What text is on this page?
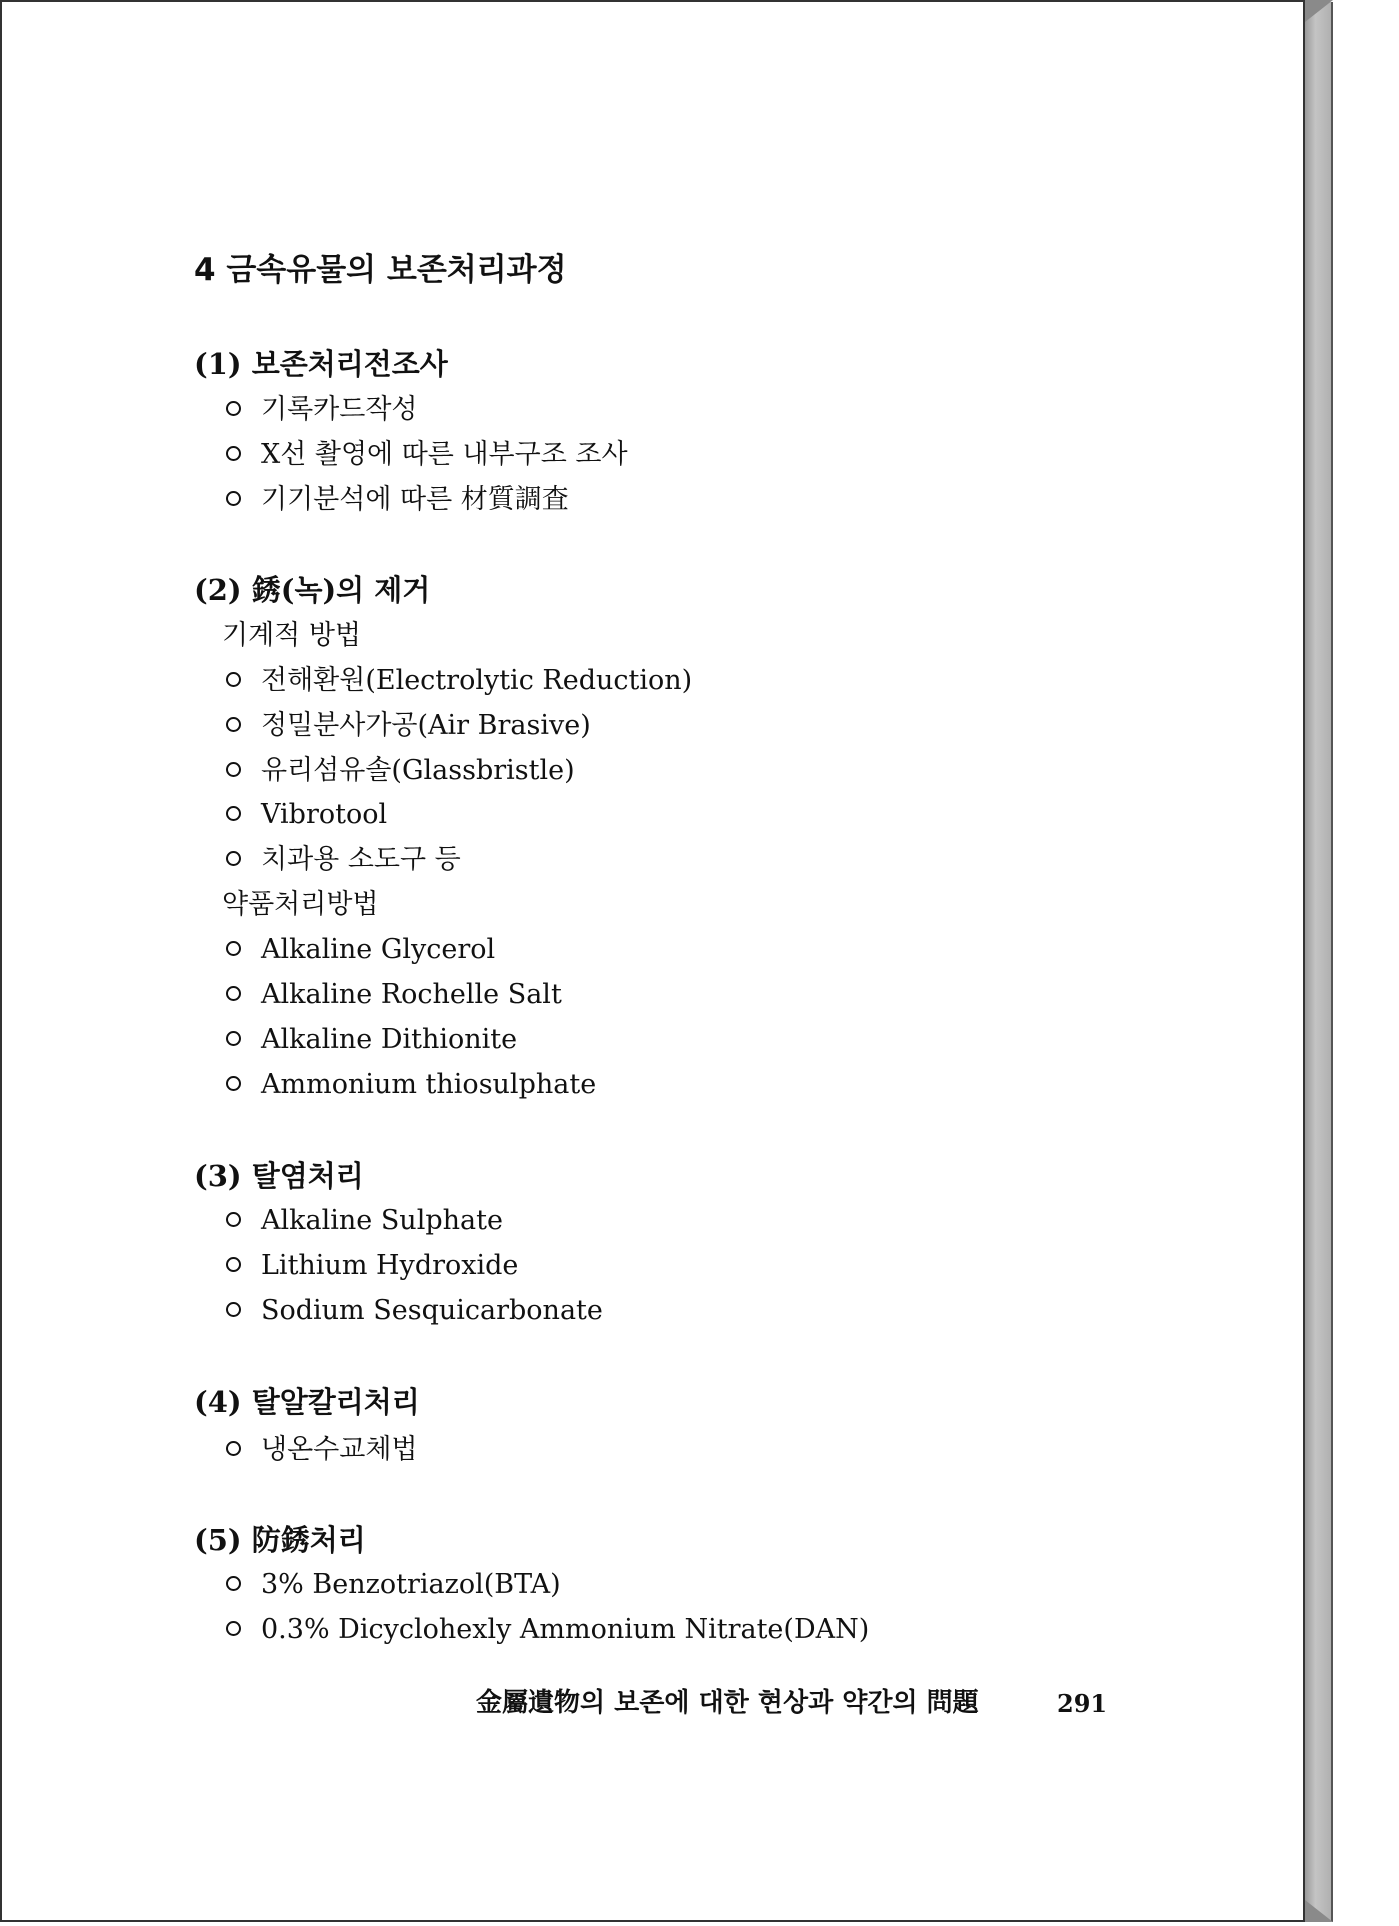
4 금속유물의 보존처리과정
(1) 보존처리전조사
기록카드작성
X선 촬영에 따른 내부구조 조사
기기분석에 따른 材質調査
(2) 銹(녹)의 제거
기계적 방법
전해환원(Electrolytic Reduction)
정밀분사가공(Air Brasive)
유리섬유솔(Glassbristle)
Vibrotool
치과용 소도구 등
약품처리방법
Alkaline Glycerol
Alkaline Rochelle Salt
Alkaline Dithionite
Ammonium thiosulphate
(3) 탈염처리
Alkaline Sulphate
Lithium Hydroxide
Sodium Sesquicarbonate
(4) 탈알칼리처리
냉온수교체법
(5) 防銹처리
3% Benzotriazol(BTA)
0.3% Dicyclohexly Ammonium Nitrate(DAN)
金屬遺物의 보존에 대한 현상과 약간의 問題	291
